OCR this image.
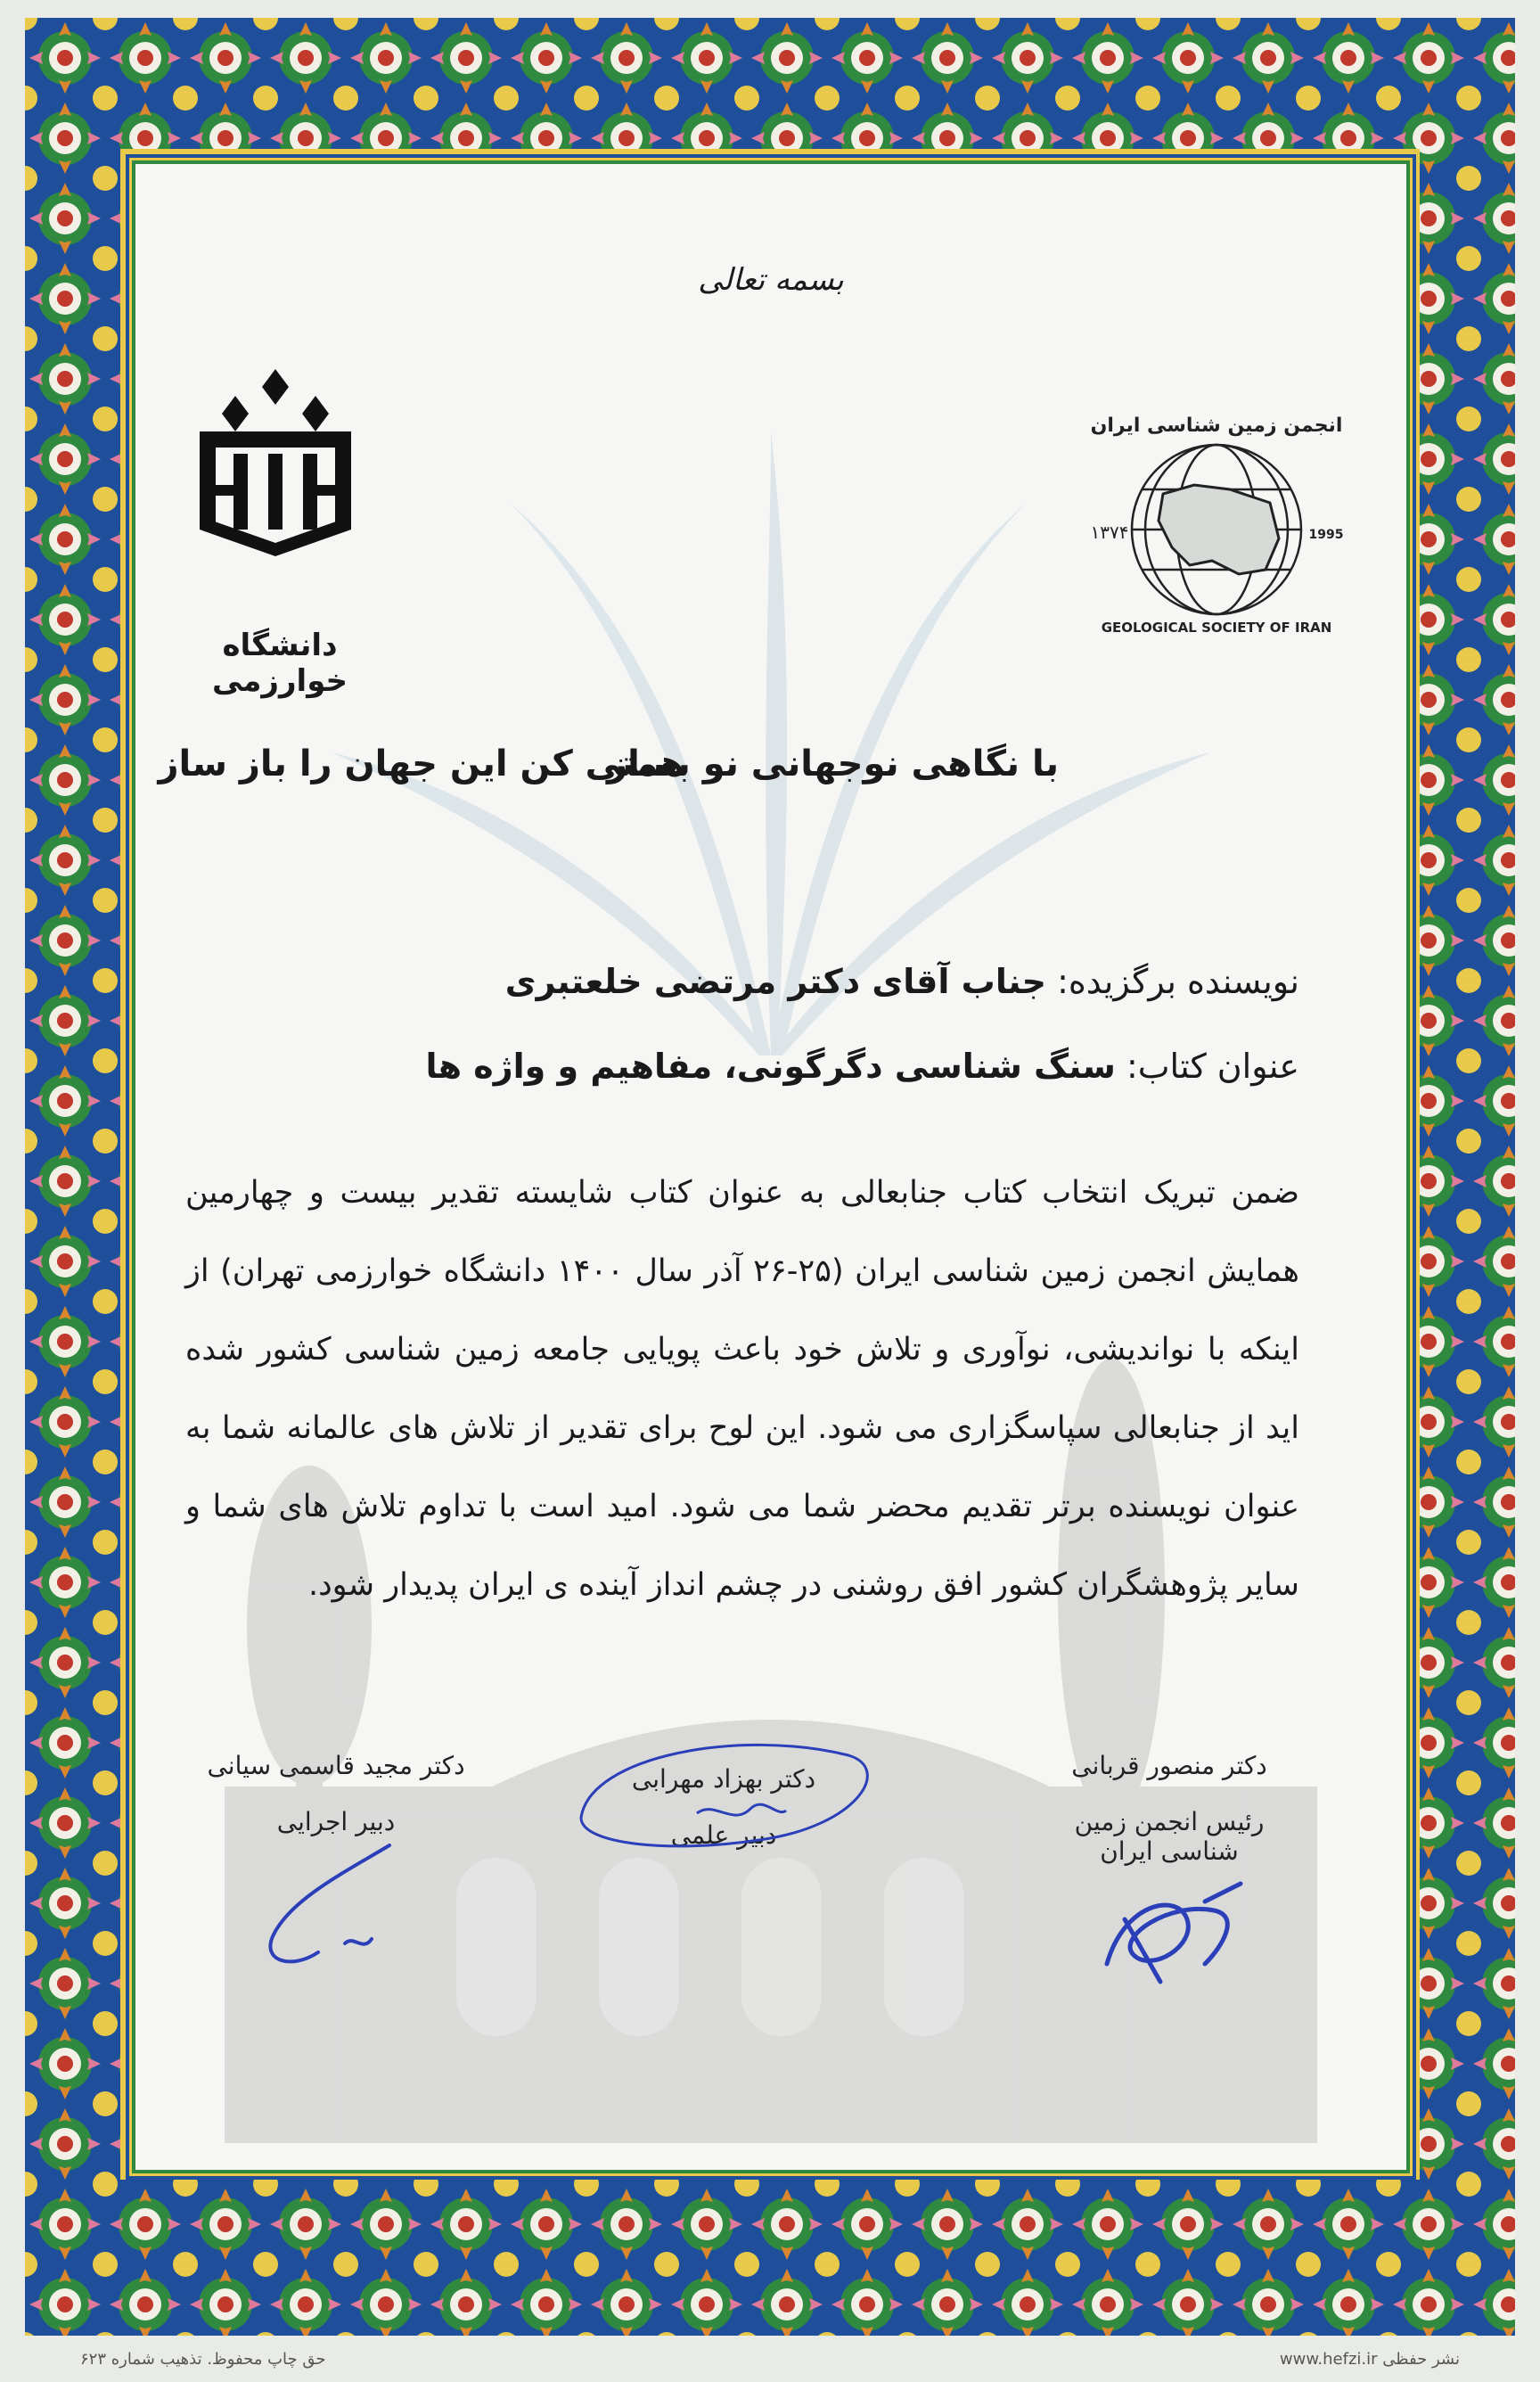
بسمه تعالی
دانشگاه خوارزمی
انجمن زمین شناسی ایران
GEOLOGICAL SOCIETY OF IRAN
۱۳۷۴	1995
همتی کن این جهان را باز ساز
با نگاهی نوجهانی نو بساز
نویسنده برگزیده: جناب آقای دکتر مرتضی خلعتبری
عنوان کتاب: سنگ شناسی دگرگونی، مفاهیم و واژه ها
ضمن تبریک انتخاب کتاب جنابعالی به عنوان کتاب شایسته تقدیر بیست و چهارمین همایش انجمن زمین شناسی ایران (۲۵-۲۶ آذر سال ۱۴۰۰ دانشگاه خوارزمی تهران) از اینکه با نواندیشی، نوآوری و تلاش خود باعث پویایی جامعه زمین شناسی کشور شده اید از جنابعالی سپاسگزاری می شود. این لوح برای تقدیر از تلاش های عالمانه شما به عنوان نویسنده برتر تقدیم محضر شما می شود. امید است با تداوم تلاش های شما و سایر پژوهشگران کشور افق روشنی در چشم انداز آینده ی ایران پدیدار شود.
دکتر منصور قربانی
رئیس انجمن زمین شناسی ایران
دکتر بهزاد مهرابی
دبیر علمی
دکتر مجید قاسمی سیانی
دبیر اجرایی
حق چاپ محفوظ. تذهیب شماره ۶۲۳	www.hefzi.ir نشر حفظی
